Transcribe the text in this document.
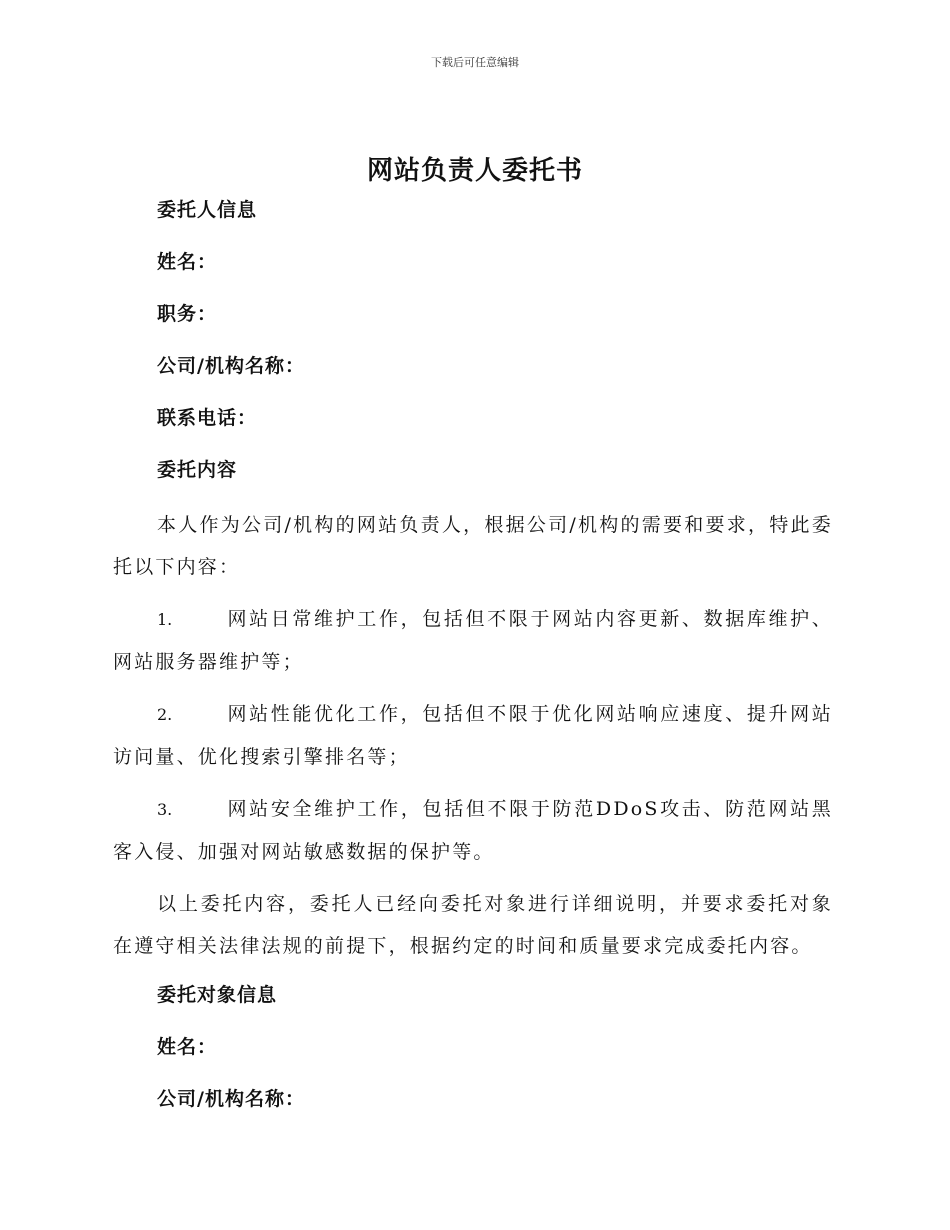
下载后可任意编辑
网站负责人委托书
委托人信息
姓名：
职务：
公司/机构名称：
联系电话：
委托内容

本人作为公司/机构的网站负责人，根据公司/机构的需要和要求，特此委托以下内容：

1.	网站日常维护工作，包括但不限于网站内容更新、数据库维护、网站服务器维护等；
2.	网站性能优化工作，包括但不限于优化网站响应速度、提升网站访问量、优化搜索引擎排名等；
3.	网站安全维护工作，包括但不限于防范DDoS攻击、防范网站黑客入侵、加强对网站敏感数据的保护等。

以上委托内容，委托人已经向委托对象进行详细说明，并要求委托对象在遵守相关法律法规的前提下，根据约定的时间和质量要求完成委托内容。

委托对象信息
姓名：
公司/机构名称：
